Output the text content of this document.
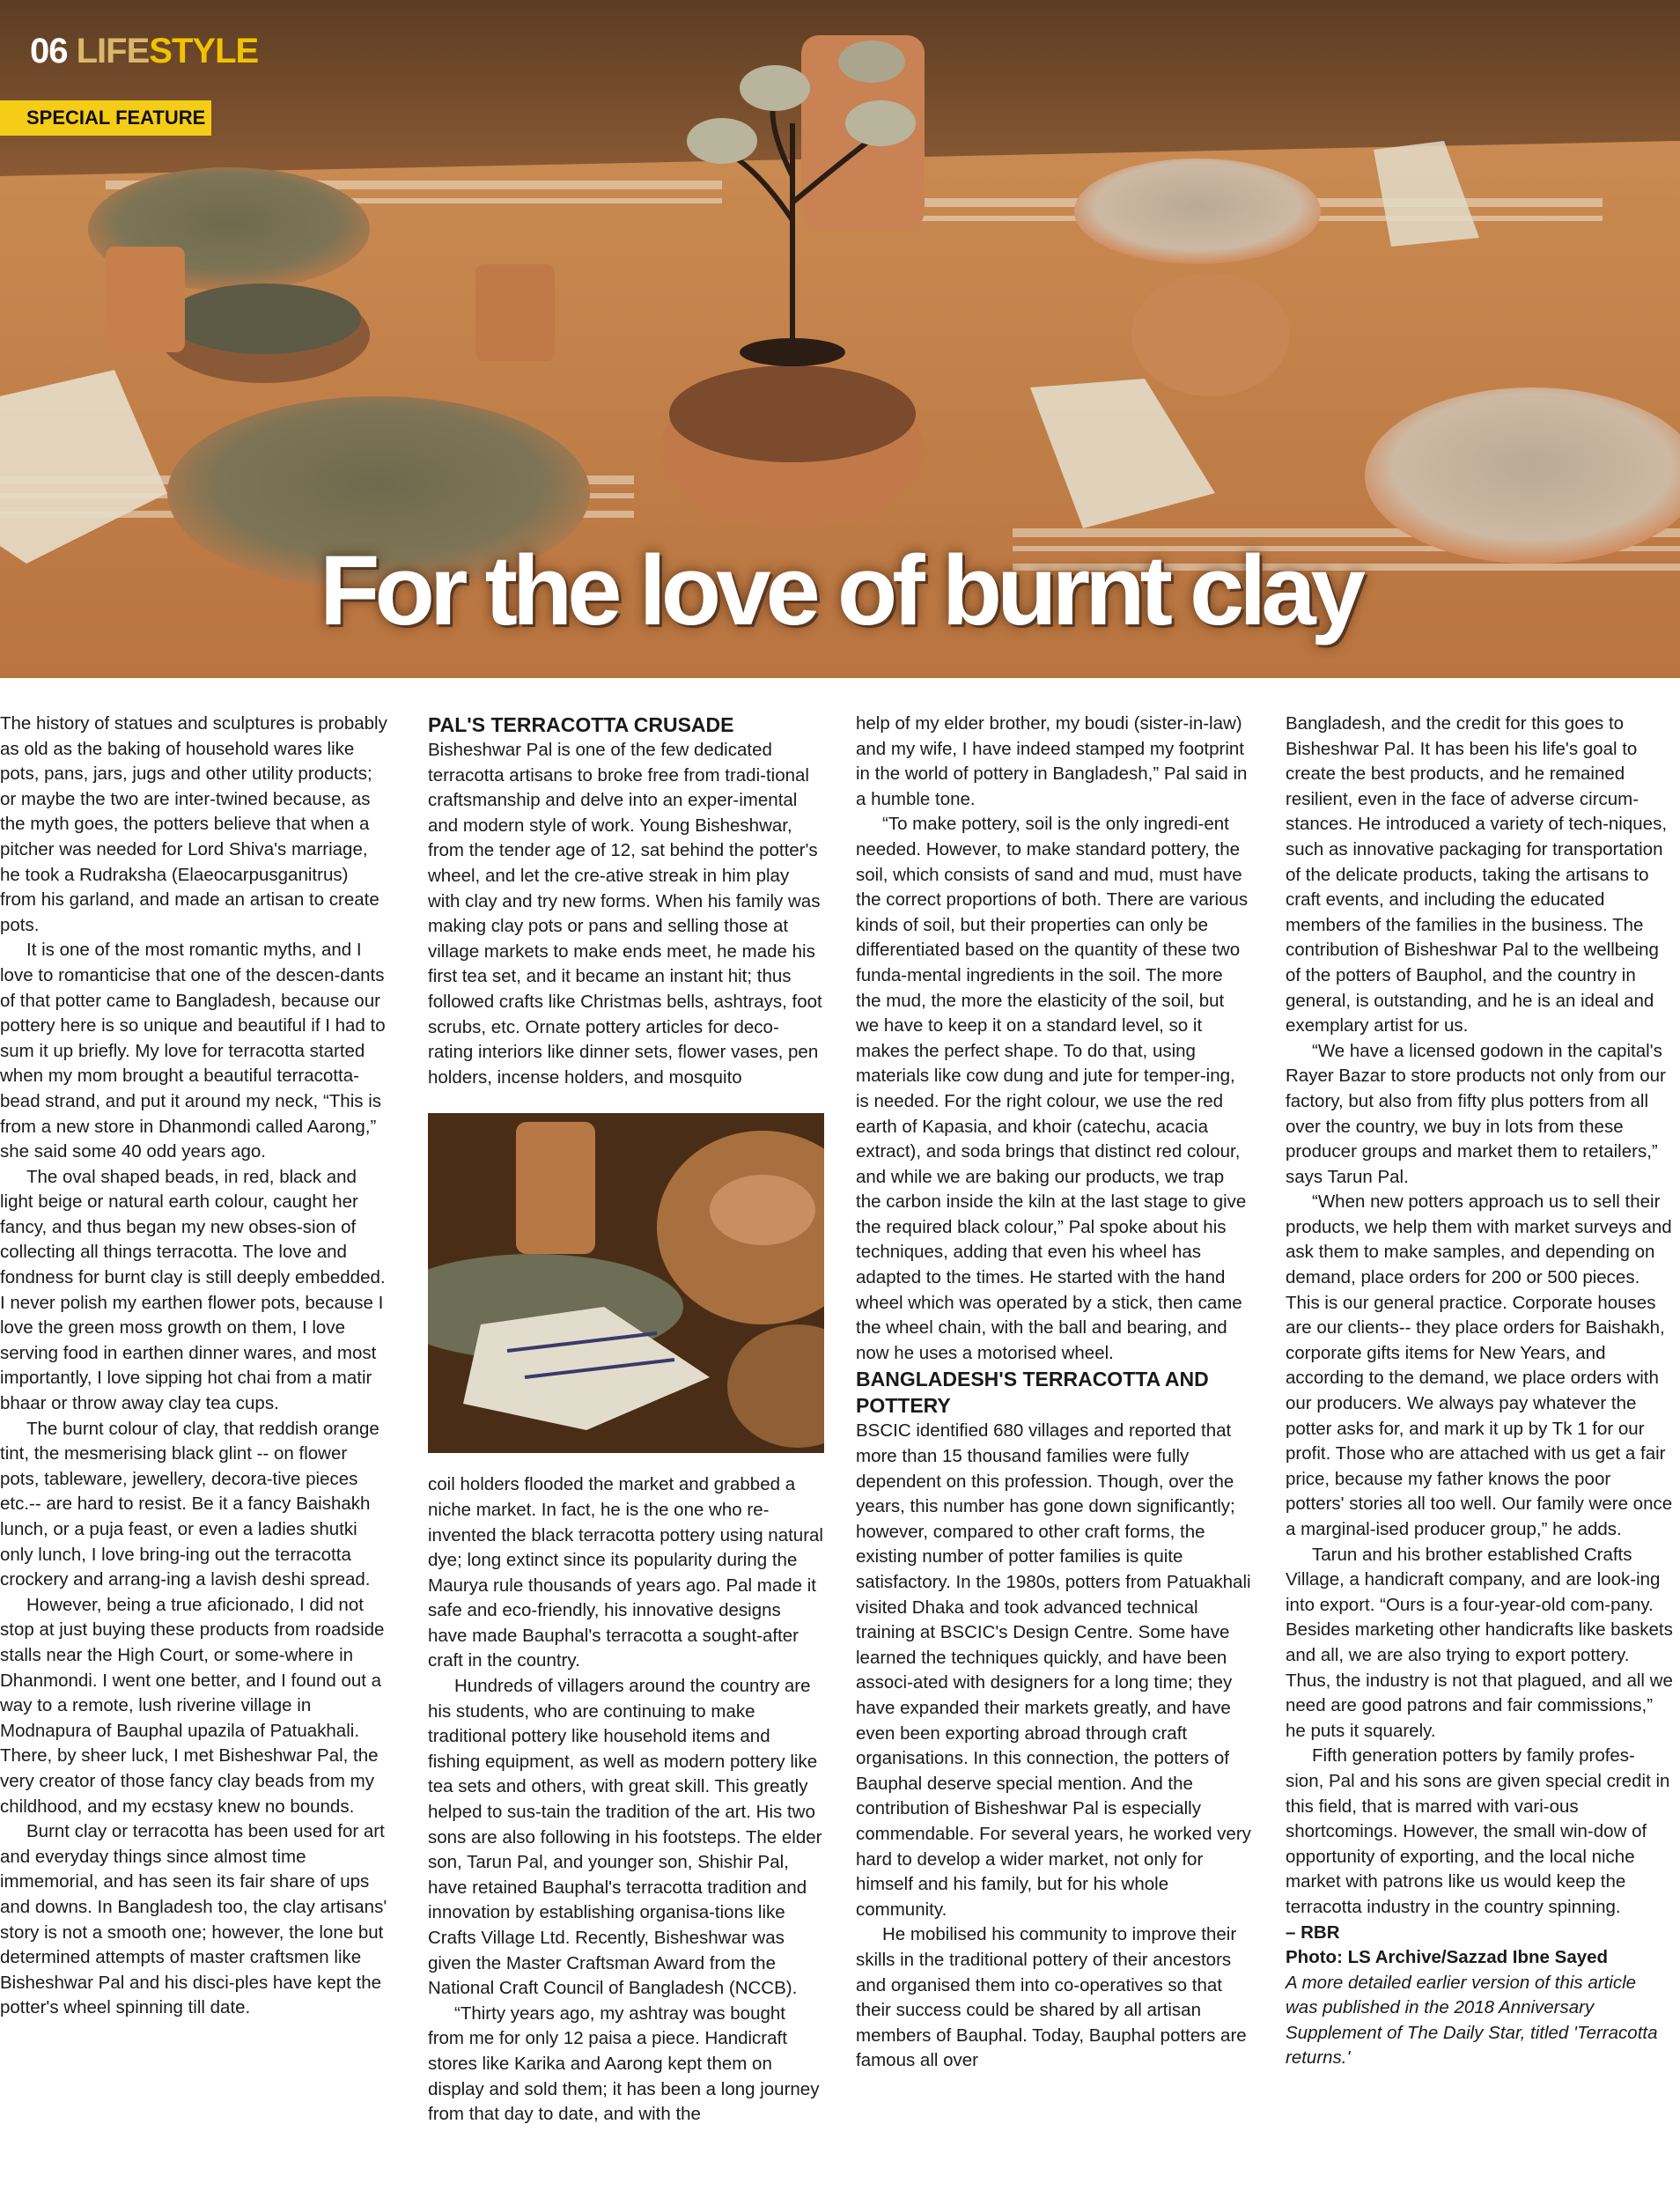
06 LIFESTYLE
SPECIAL FEATURE
For the love of burnt clay

The history of statues and sculptures is probably as old as the baking of household wares like pots, pans, jars, jugs and other utility products; or maybe the two are inter-twined because, as the myth goes, the potters believe that when a pitcher was needed for Lord Shiva's marriage, he took a Rudraksha (Elaeocarpusganitrus) from his garland, and made an artisan to create pots.

It is one of the most romantic myths, and I love to romanticise that one of the descen-dants of that potter came to Bangladesh, because our pottery here is so unique and beautiful if I had to sum it up briefly. My love for terracotta started when my mom brought a beautiful terracotta-bead strand, and put it around my neck, “This is from a new store in Dhanmondi called Aarong,” she said some 40 odd years ago.

The oval shaped beads, in red, black and light beige or natural earth colour, caught her fancy, and thus began my new obses-sion of collecting all things terracotta. The love and fondness for burnt clay is still deeply embedded. I never polish my earthen flower pots, because I love the green moss growth on them, I love serving food in earthen dinner wares, and most importantly, I love sipping hot chai from a matir bhaar or throw away clay tea cups.

The burnt colour of clay, that reddish orange tint, the mesmerising black glint -- on flower pots, tableware, jewellery, decora-tive pieces etc.-- are hard to resist. Be it a fancy Baishakh lunch, or a puja feast, or even a ladies shutki only lunch, I love bring-ing out the terracotta crockery and arrang-ing a lavish deshi spread.

However, being a true aficionado, I did not stop at just buying these products from roadside stalls near the High Court, or some-where in Dhanmondi. I went one better, and I found out a way to a remote, lush riverine village in Modnapura of Bauphal upazila of Patuakhali. There, by sheer luck, I met Bisheshwar Pal, the very creator of those fancy clay beads from my childhood, and my ecstasy knew no bounds.

Burnt clay or terracotta has been used for art and everyday things since almost time immemorial, and has seen its fair share of ups and downs. In Bangladesh too, the clay artisans' story is not a smooth one; however, the lone but determined attempts of master craftsmen like Bisheshwar Pal and his disci-ples have kept the potter's wheel spinning till date.

PAL'S TERRACOTTA CRUSADE

Bisheshwar Pal is one of the few dedicated terracotta artisans to broke free from tradi-tional craftsmanship and delve into an exper-imental and modern style of work. Young Bisheshwar, from the tender age of 12, sat behind the potter's wheel, and let the cre-ative streak in him play with clay and try new forms. When his family was making clay pots or pans and selling those at village markets to make ends meet, he made his first tea set, and it became an instant hit; thus followed crafts like Christmas bells, ashtrays, foot scrubs, etc. Ornate pottery articles for deco-rating interiors like dinner sets, flower vases, pen holders, incense holders, and mosquito

coil holders flooded the market and grabbed a niche market. In fact, he is the one who re-invented the black terracotta pottery using natural dye; long extinct since its popularity during the Maurya rule thousands of years ago. Pal made it safe and eco-friendly, his innovative designs have made Bauphal's terracotta a sought-after craft in the country.

Hundreds of villagers around the country are his students, who are continuing to make traditional pottery like household items and fishing equipment, as well as modern pottery like tea sets and others, with great skill. This greatly helped to sus-tain the tradition of the art. His two sons are also following in his footsteps. The elder son, Tarun Pal, and younger son, Shishir Pal, have retained Bauphal's terracotta tradition and innovation by establishing organisa-tions like Crafts Village Ltd. Recently, Bisheshwar was given the Master Craftsman Award from the National Craft Council of Bangladesh (NCCB).

“Thirty years ago, my ashtray was bought from me for only 12 paisa a piece. Handicraft stores like Karika and Aarong kept them on display and sold them; it has been a long journey from that day to date, and with the

help of my elder brother, my boudi (sister-in-law) and my wife, I have indeed stamped my footprint in the world of pottery in Bangladesh,” Pal said in a humble tone.

“To make pottery, soil is the only ingredi-ent needed. However, to make standard pottery, the soil, which consists of sand and mud, must have the correct proportions of both. There are various kinds of soil, but their properties can only be differentiated based on the quantity of these two funda-mental ingredients in the soil. The more the mud, the more the elasticity of the soil, but we have to keep it on a standard level, so it makes the perfect shape. To do that, using materials like cow dung and jute for temper-ing, is needed. For the right colour, we use the red earth of Kapasia, and khoir (catechu, acacia extract), and soda brings that distinct red colour, and while we are baking our products, we trap the carbon inside the kiln at the last stage to give the required black colour,” Pal spoke about his techniques, adding that even his wheel has adapted to the times. He started with the hand wheel which was operated by a stick, then came the wheel chain, with the ball and bearing, and now he uses a motorised wheel.

BANGLADESH'S TERRACOTTA AND POTTERY

BSCIC identified 680 villages and reported that more than 15 thousand families were fully dependent on this profession. Though, over the years, this number has gone down significantly; however, compared to other craft forms, the existing number of potter families is quite satisfactory. In the 1980s, potters from Patuakhali visited Dhaka and took advanced technical training at BSCIC's Design Centre. Some have learned the techniques quickly, and have been associ-ated with designers for a long time; they have expanded their markets greatly, and have even been exporting abroad through craft organisations. In this connection, the potters of Bauphal deserve special mention. And the contribution of Bisheshwar Pal is especially commendable. For several years, he worked very hard to develop a wider market, not only for himself and his family, but for his whole community.

He mobilised his community to improve their skills in the traditional pottery of their ancestors and organised them into co-operatives so that their success could be shared by all artisan members of Bauphal. Today, Bauphal potters are famous all over

Bangladesh, and the credit for this goes to Bisheshwar Pal. It has been his life's goal to create the best products, and he remained resilient, even in the face of adverse circum-stances. He introduced a variety of tech-niques, such as innovative packaging for transportation of the delicate products, taking the artisans to craft events, and including the educated members of the families in the business. The contribution of Bisheshwar Pal to the wellbeing of the potters of Bauphol, and the country in general, is outstanding, and he is an ideal and exemplary artist for us.

“We have a licensed godown in the capital's Rayer Bazar to store products not only from our factory, but also from fifty plus potters from all over the country, we buy in lots from these producer groups and market them to retailers,” says Tarun Pal.

“When new potters approach us to sell their products, we help them with market surveys and ask them to make samples, and depending on demand, place orders for 200 or 500 pieces. This is our general practice. Corporate houses are our clients-- they place orders for Baishakh, corporate gifts items for New Years, and according to the demand, we place orders with our producers. We always pay whatever the potter asks for, and mark it up by Tk 1 for our profit. Those who are attached with us get a fair price, because my father knows the poor potters' stories all too well. Our family were once a marginal-ised producer group,” he adds.

Tarun and his brother established Crafts Village, a handicraft company, and are look-ing into export. “Ours is a four-year-old com-pany. Besides marketing other handicrafts like baskets and all, we are also trying to export pottery. Thus, the industry is not that plagued, and all we need are good patrons and fair commissions,” he puts it squarely.

Fifth generation potters by family profes-sion, Pal and his sons are given special credit in this field, that is marred with vari-ous shortcomings. However, the small win-dow of opportunity of exporting, and the local niche market with patrons like us would keep the terracotta industry in the country spinning.

– RBR

Photo: LS Archive/Sazzad Ibne Sayed

A more detailed earlier version of this article was published in the 2018 Anniversary Supplement of The Daily Star, titled 'Terracotta returns.'
